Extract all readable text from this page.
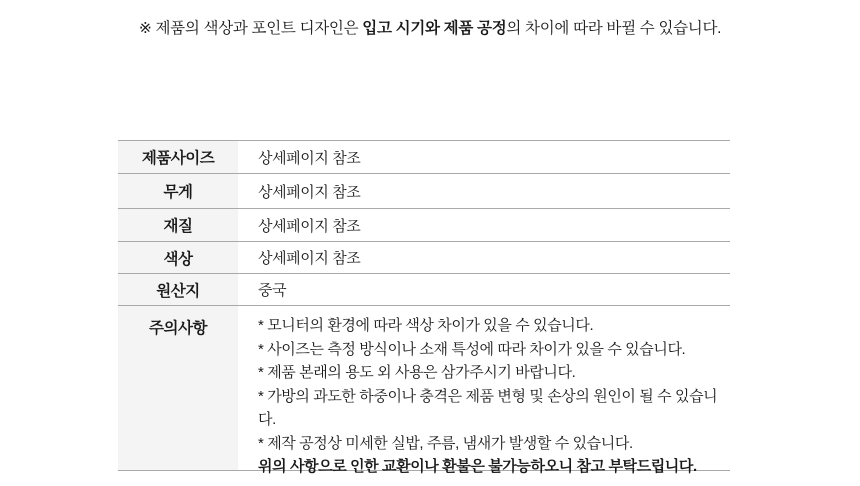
※ 제품의 색상과 포인트 디자인은 입고 시기와 제품 공정의 차이에 따라 바뀔 수 있습니다.
제품사이즈	상세페이지 참조
무게	상세페이지 참조
재질	상세페이지 참조
색상	상세페이지 참조
원산지	중국
주의사항	* 모니터의 환경에 따라 색상 차이가 있을 수 있습니다.
* 사이즈는 측정 방식이나 소재 특성에 따라 차이가 있을 수 있습니다.
* 제품 본래의 용도 외 사용은 삼가주시기 바랍니다.
* 가방의 과도한 하중이나 충격은 제품 변형 및 손상의 원인이 될 수 있습니다.
* 제작 공정상 미세한 실밥, 주름, 냄새가 발생할 수 있습니다.
위의 사항으로 인한 교환이나 환불은 불가능하오니 참고 부탁드립니다.
